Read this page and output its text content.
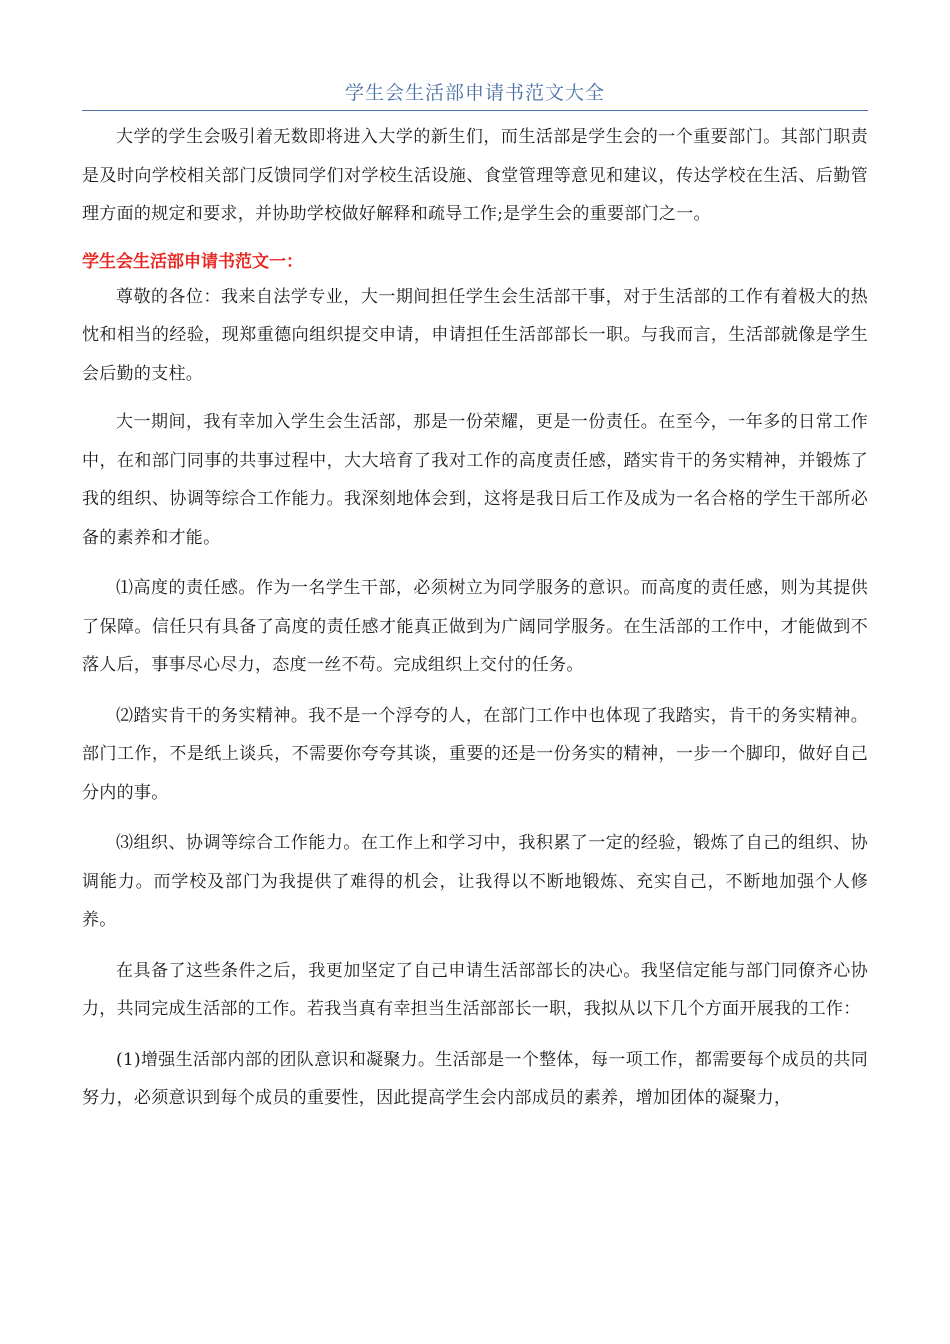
学生会生活部申请书范文大全

大学的学生会吸引着无数即将进入大学的新生们，而生活部是学生会的一个重要部门。其部门职责是及时向学校相关部门反馈同学们对学校生活设施、食堂管理等意见和建议，传达学校在生活、后勤管理方面的规定和要求，并协助学校做好解释和疏导工作;是学生会的重要部门之一。

学生会生活部申请书范文一：

尊敬的各位：我来自法学专业，大一期间担任学生会生活部干事，对于生活部的工作有着极大的热忱和相当的经验，现郑重德向组织提交申请，申请担任生活部部长一职。与我而言，生活部就像是学生会后勤的支柱。

大一期间，我有幸加入学生会生活部，那是一份荣耀，更是一份责任。在至今，一年多的日常工作中，在和部门同事的共事过程中，大大培育了我对工作的高度责任感，踏实肯干的务实精神，并锻炼了我的组织、协调等综合工作能力。我深刻地体会到，这将是我日后工作及成为一名合格的学生干部所必备的素养和才能。

⑴高度的责任感。作为一名学生干部，必须树立为同学服务的意识。而高度的责任感，则为其提供了保障。信任只有具备了高度的责任感才能真正做到为广阔同学服务。在生活部的工作中，才能做到不落人后，事事尽心尽力，态度一丝不苟。完成组织上交付的任务。

⑵踏实肯干的务实精神。我不是一个浮夸的人，在部门工作中也体现了我踏实，肯干的务实精神。部门工作，不是纸上谈兵，不需要你夸夸其谈，重要的还是一份务实的精神，一步一个脚印，做好自己分内的事。

⑶组织、协调等综合工作能力。在工作上和学习中，我积累了一定的经验，锻炼了自己的组织、协调能力。而学校及部门为我提供了难得的机会，让我得以不断地锻炼、充实自己，不断地加强个人修养。

在具备了这些条件之后，我更加坚定了自己申请生活部部长的决心。我坚信定能与部门同僚齐心协力，共同完成生活部的工作。若我当真有幸担当生活部部长一职，我拟从以下几个方面开展我的工作：

(1)增强生活部内部的团队意识和凝聚力。生活部是一个整体，每一项工作，都需要每个成员的共同努力，必须意识到每个成员的重要性，因此提高学生会内部成员的素养，增加团体的凝聚力，
